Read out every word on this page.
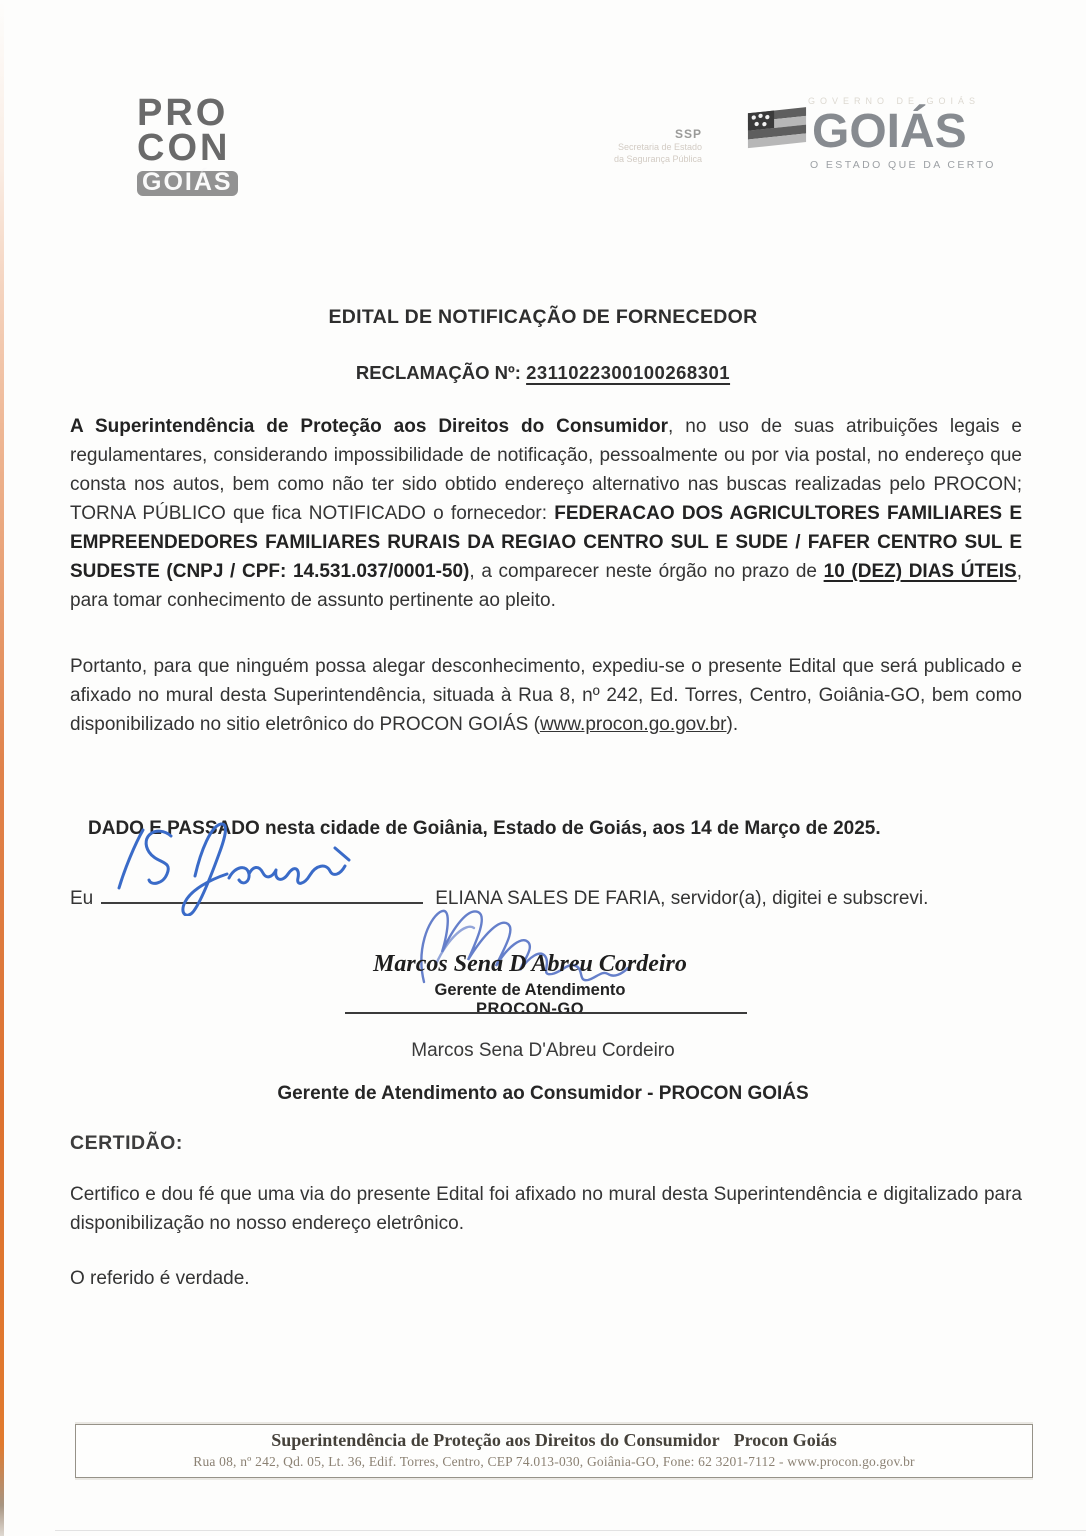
PRO
CON
GOIÁS
SSP
Secretaria de Estado
da Segurança Pública
GOVERNO DE GOIÁS
GOIÁS
O ESTADO QUE DA CERTO
EDITAL DE NOTIFICAÇÃO DE FORNECEDOR
RECLAMAÇÃO Nº: 2311022300100268301
A Superintendência de Proteção aos Direitos do Consumidor, no uso de suas atribuições legais e regulamentares, considerando impossibilidade de notificação, pessoalmente ou por via postal, no endereço que consta nos autos, bem como não ter sido obtido endereço alternativo nas buscas realizadas pelo PROCON; TORNA PÚBLICO que fica NOTIFICADO o fornecedor: FEDERACAO DOS AGRICULTORES FAMILIARES E EMPREENDEDORES FAMILIARES RURAIS DA REGIAO CENTRO SUL E SUDE / FAFER CENTRO SUL E SUDESTE (CNPJ / CPF: 14.531.037/0001-50), a comparecer neste órgão no prazo de 10 (DEZ) DIAS ÚTEIS, para tomar conhecimento de assunto pertinente ao pleito.
Portanto, para que ninguém possa alegar desconhecimento, expediu-se o presente Edital que será publicado e afixado no mural desta Superintendência, situada à Rua 8, nº 242, Ed. Torres, Centro, Goiânia-GO, bem como disponibilizado no sitio eletrônico do PROCON GOIÁS (www.procon.go.gov.br).
DADO E PASSADO nesta cidade de Goiânia, Estado de Goiás, aos 14 de Março de 2025.
Eu	ELIANA SALES DE FARIA, servidor(a), digitei e subscrevi.
Marcos Sena D Abreu Cordeiro
Gerente de Atendimento
PROCON-GO
Marcos Sena D'Abreu Cordeiro
Gerente de Atendimento ao Consumidor - PROCON GOIÁS
CERTIDÃO:
Certifico e dou fé que uma via do presente Edital foi afixado no mural desta Superintendência e digitalizado para disponibilização no nosso endereço eletrônico.
O referido é verdade.
Superintendência de Proteção aos Direitos do Consumidor Procon Goiás
Rua 08, nº 242, Qd. 05, Lt. 36, Edif. Torres, Centro, CEP 74.013-030, Goiânia-GO, Fone: 62 3201-7112 - www.procon.go.gov.br
